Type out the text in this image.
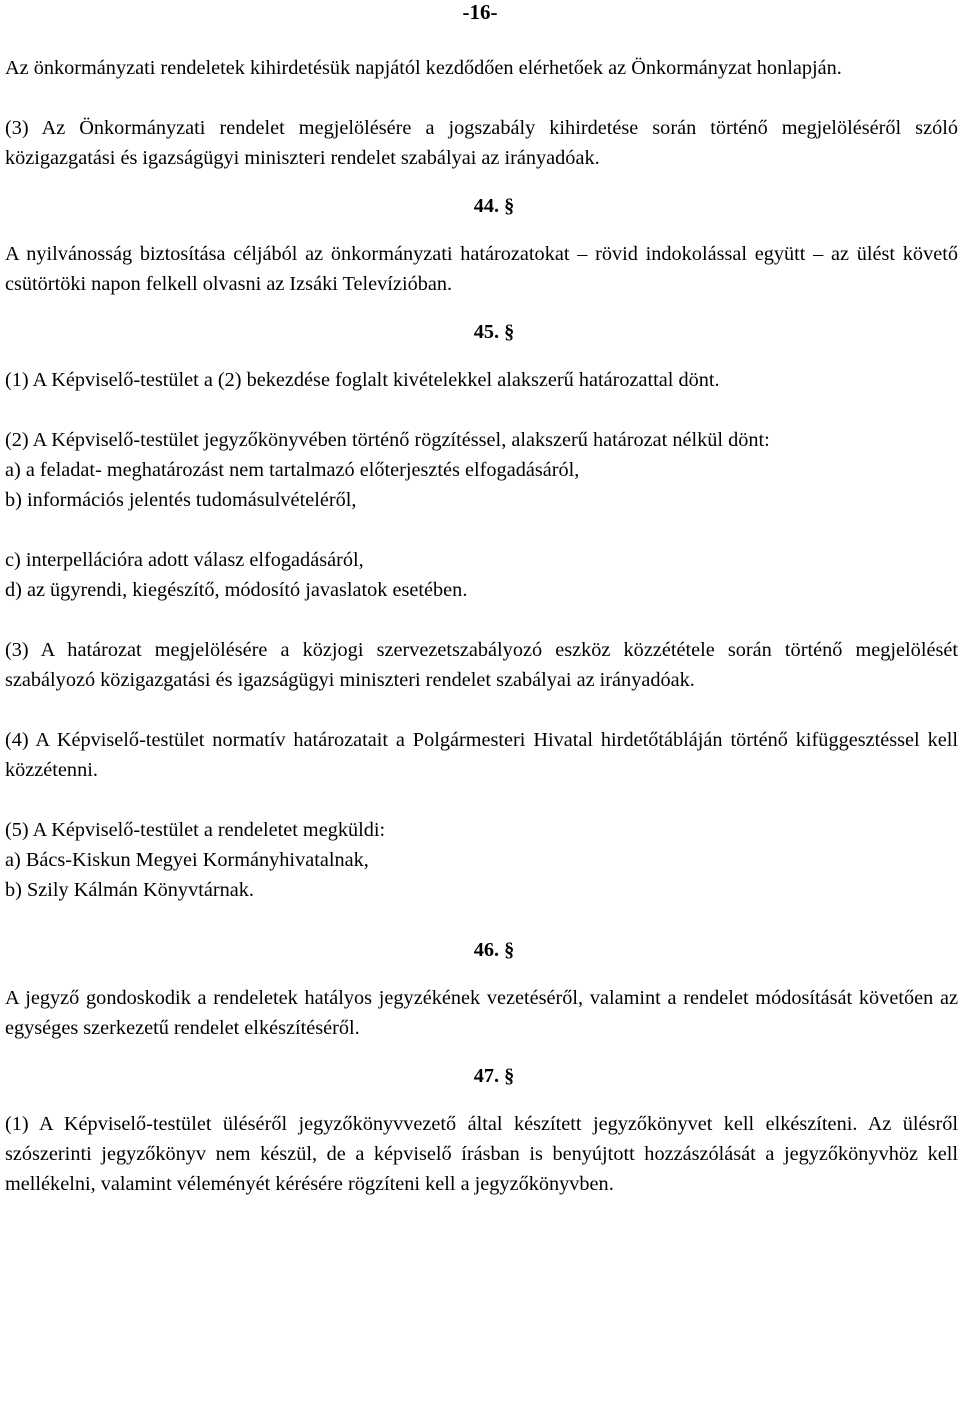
-16-

Az önkormányzati rendeletek kihirdetésük napjától kezdődően elérhetőek az Önkormányzat honlapján.

(3) Az Önkormányzati rendelet megjelölésére a jogszabály kihirdetése során történő megjelöléséről szóló közigazgatási és igazságügyi miniszteri rendelet szabályai az irányadóak.

44. §

A nyilvánosság biztosítása céljából az önkormányzati határozatokat – rövid indokolással együtt – az ülést követő csütörtöki napon felkell olvasni az Izsáki Televízióban.

45. §

(1) A Képviselő-testület a (2) bekezdése foglalt kivételekkel alakszerű határozattal dönt.

(2) A Képviselő-testület jegyzőkönyvében történő rögzítéssel, alakszerű határozat nélkül dönt:

a) a feladat- meghatározást nem tartalmazó előterjesztés elfogadásáról,

b) információs jelentés tudomásulvételéről,

c) interpellációra adott válasz elfogadásáról,

d) az ügyrendi, kiegészítő, módosító javaslatok esetében.

(3) A határozat megjelölésére a közjogi szervezetszabályozó eszköz közzététele során történő megjelölését szabályozó közigazgatási és igazságügyi miniszteri rendelet szabályai az irányadóak.

(4) A Képviselő-testület normatív határozatait a Polgármesteri Hivatal hirdetőtábláján történő kifüggesztéssel kell közzétenni.

(5) A Képviselő-testület a rendeletet megküldi:

a) Bács-Kiskun Megyei Kormányhivatalnak,

b) Szily Kálmán Könyvtárnak.

46. §

A jegyző gondoskodik a rendeletek hatályos jegyzékének vezetéséről, valamint a rendelet módosítását követően az egységes szerkezetű rendelet elkészítéséről.

47. §

(1) A Képviselő-testület üléséről jegyzőkönyvvezető által készített jegyzőkönyvet kell elkészíteni. Az ülésről szószerinti jegyzőkönyv nem készül, de a képviselő írásban is benyújtott hozzászólását a jegyzőkönyvhöz kell mellékelni, valamint véleményét kérésére rögzíteni kell a jegyzőkönyvben.
